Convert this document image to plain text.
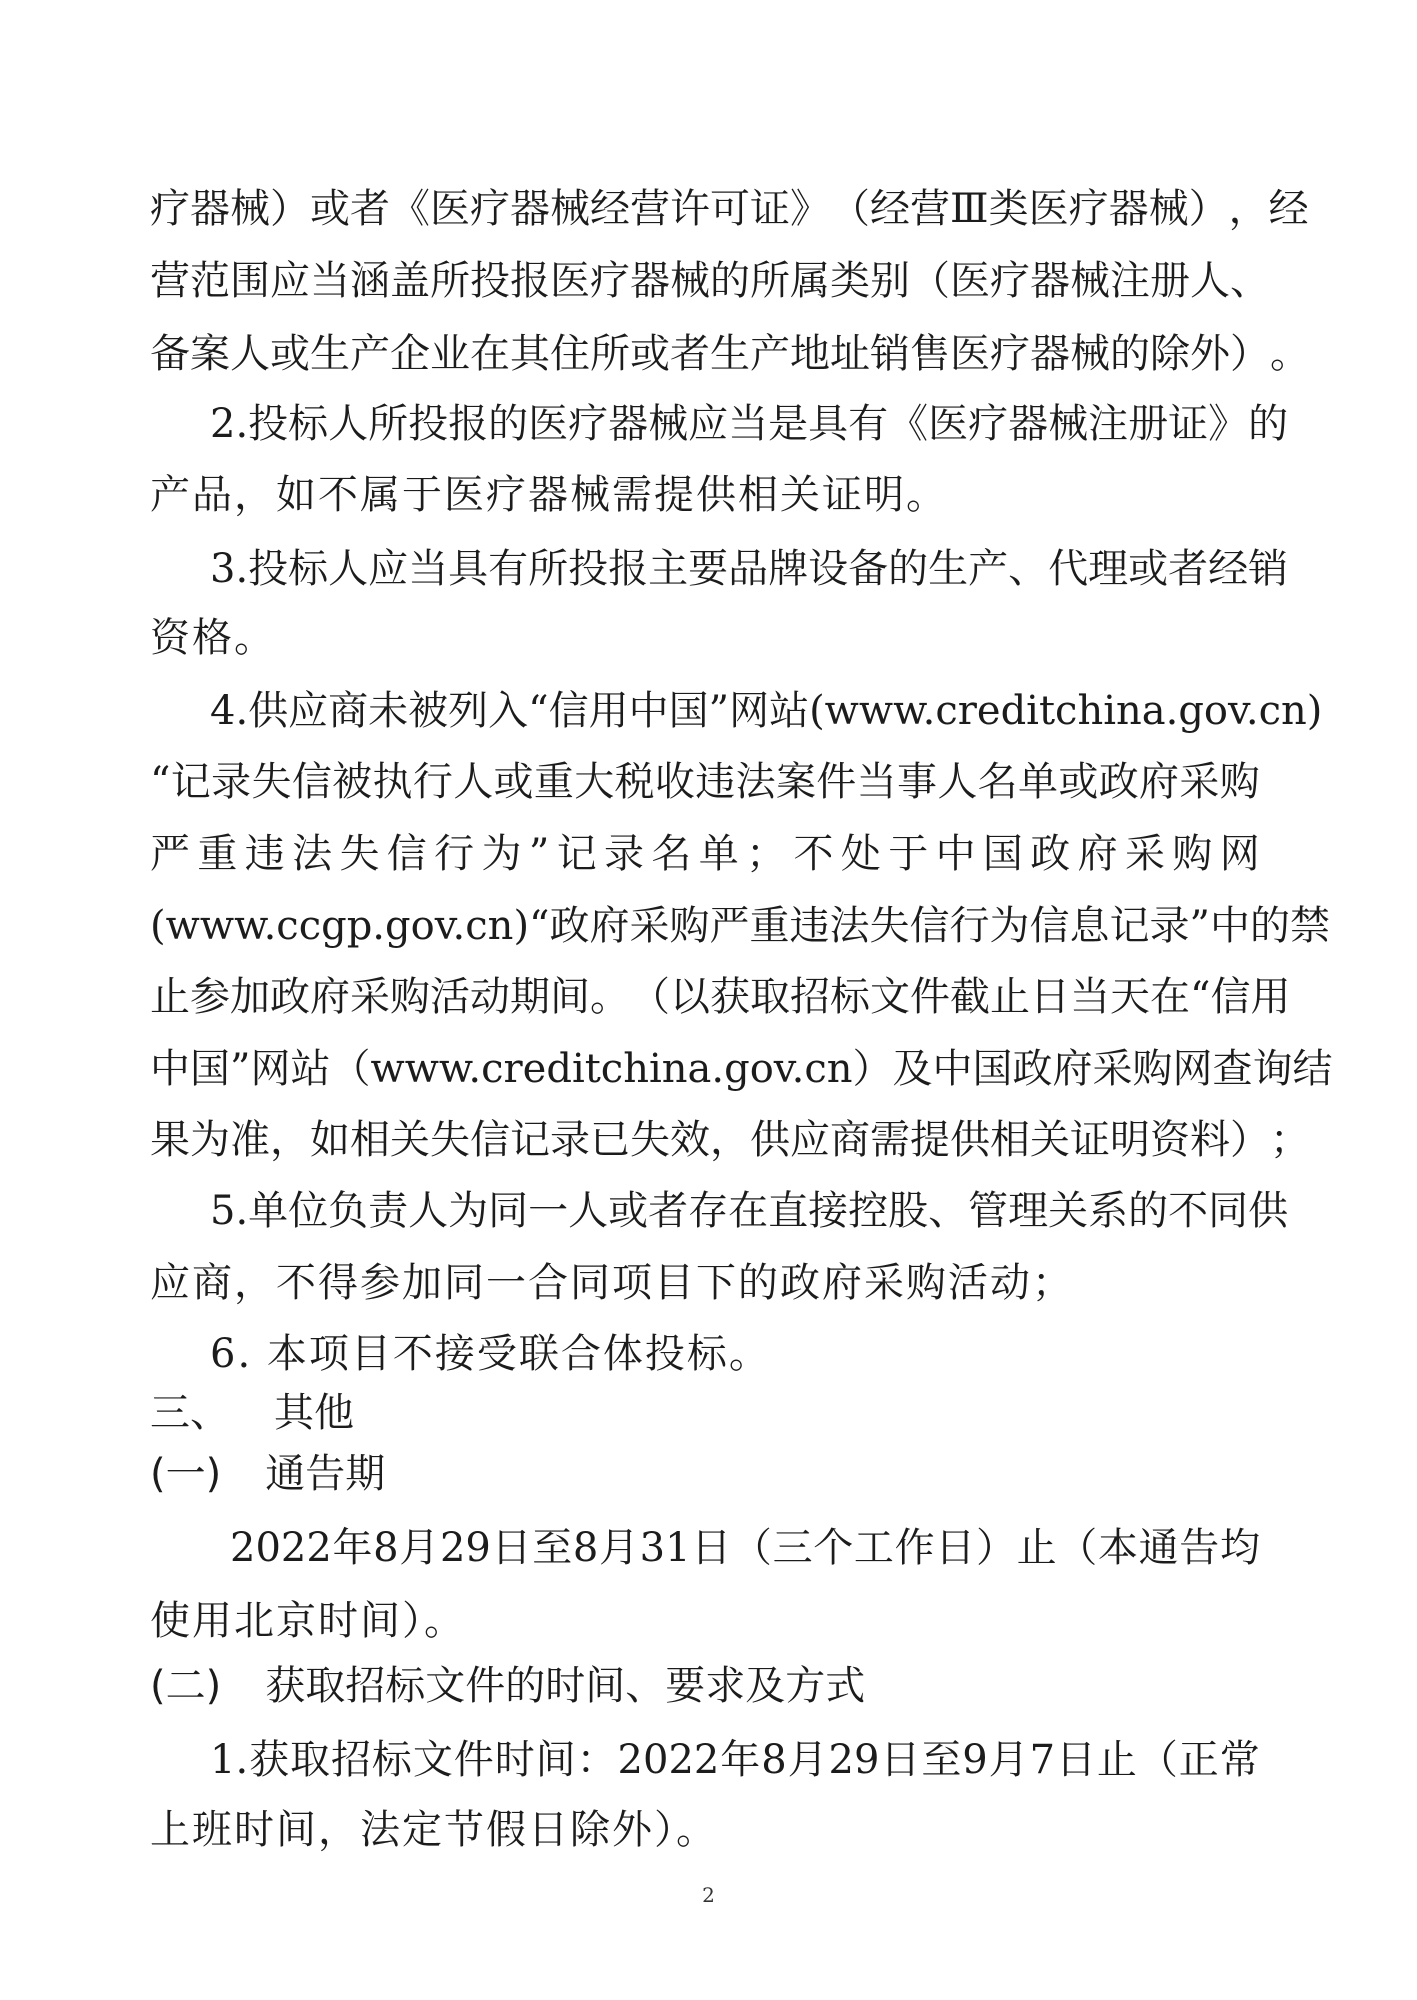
疗 器 械 ） 或 者 《 医 疗 器 械 经 营 许 可 证 》 （ 经 营 Ⅲ 类 医 疗 器 械 ） ， 经
营 范 围 应 当 涵 盖 所 投 报 医 疗 器 械 的 所 属 类 别 （ 医 疗 器 械 注 册 人 、
备 案 人 或 生 产 企 业 在 其 住 所 或 者 生 产 地 址 销 售 医 疗 器 械 的 除 外 ） 。
2. 投 标 人 所 投 报 的 医 疗 器 械 应 当 是 具 有 《 医 疗 器 械 注 册 证 》 的
产品，如不属于医疗器械需提供相关证明。
3. 投 标 人 应 当 具 有 所 投 报 主 要 品 牌 设 备 的 生 产 、 代 理 或 者 经 销
资格。
4. 供 应 商 未 被 列 入 “ 信 用 中 国 ” 网 站 (www.creditchina.gov.cn)
“ 记 录 失 信 被 执 行 人 或 重 大 税 收 违 法 案 件 当 事 人 名 单 或 政 府 采 购
严 重 违 法 失 信 行 为 ” 记 录 名 单 ； 不 处 于 中 国 政 府 采 购 网
(www.ccgp.gov.cn) “ 政 府 采 购 严 重 违 法 失 信 行 为 信 息 记 录 ” 中 的 禁
止 参 加 政 府 采 购 活 动 期 间 。 （ 以 获 取 招 标 文 件 截 止 日 当 天 在 “ 信 用
中 国 ” 网 站 （ www.creditchina.gov.cn ） 及 中 国 政 府 采 购 网 查 询 结
果 为 准 ， 如 相 关 失 信 记 录 已 失 效 ， 供 应 商 需 提 供 相 关 证 明 资 料 ） ；
5. 单 位 负 责 人 为 同 一 人 或 者 存 在 直 接 控 股 、 管 理 关 系 的 不 同 供
应商，不得参加同一合同项目下的政府采购活动；
6. 本项目不接受联合体投标。
三、 其他
(一) 通告期
2022 年 8 月 29 日 至 8 月 31 日 （ 三 个 工 作 日 ） 止 （ 本 通 告 均
使用北京时间）。
(二) 获取招标文件的时间、要求及方式
1. 获 取 招 标 文 件 时 间 ： 2022 年 8 月 29 日 至 9 月 7 日 止 （ 正 常
上班时间，法定节假日除外）。
2
